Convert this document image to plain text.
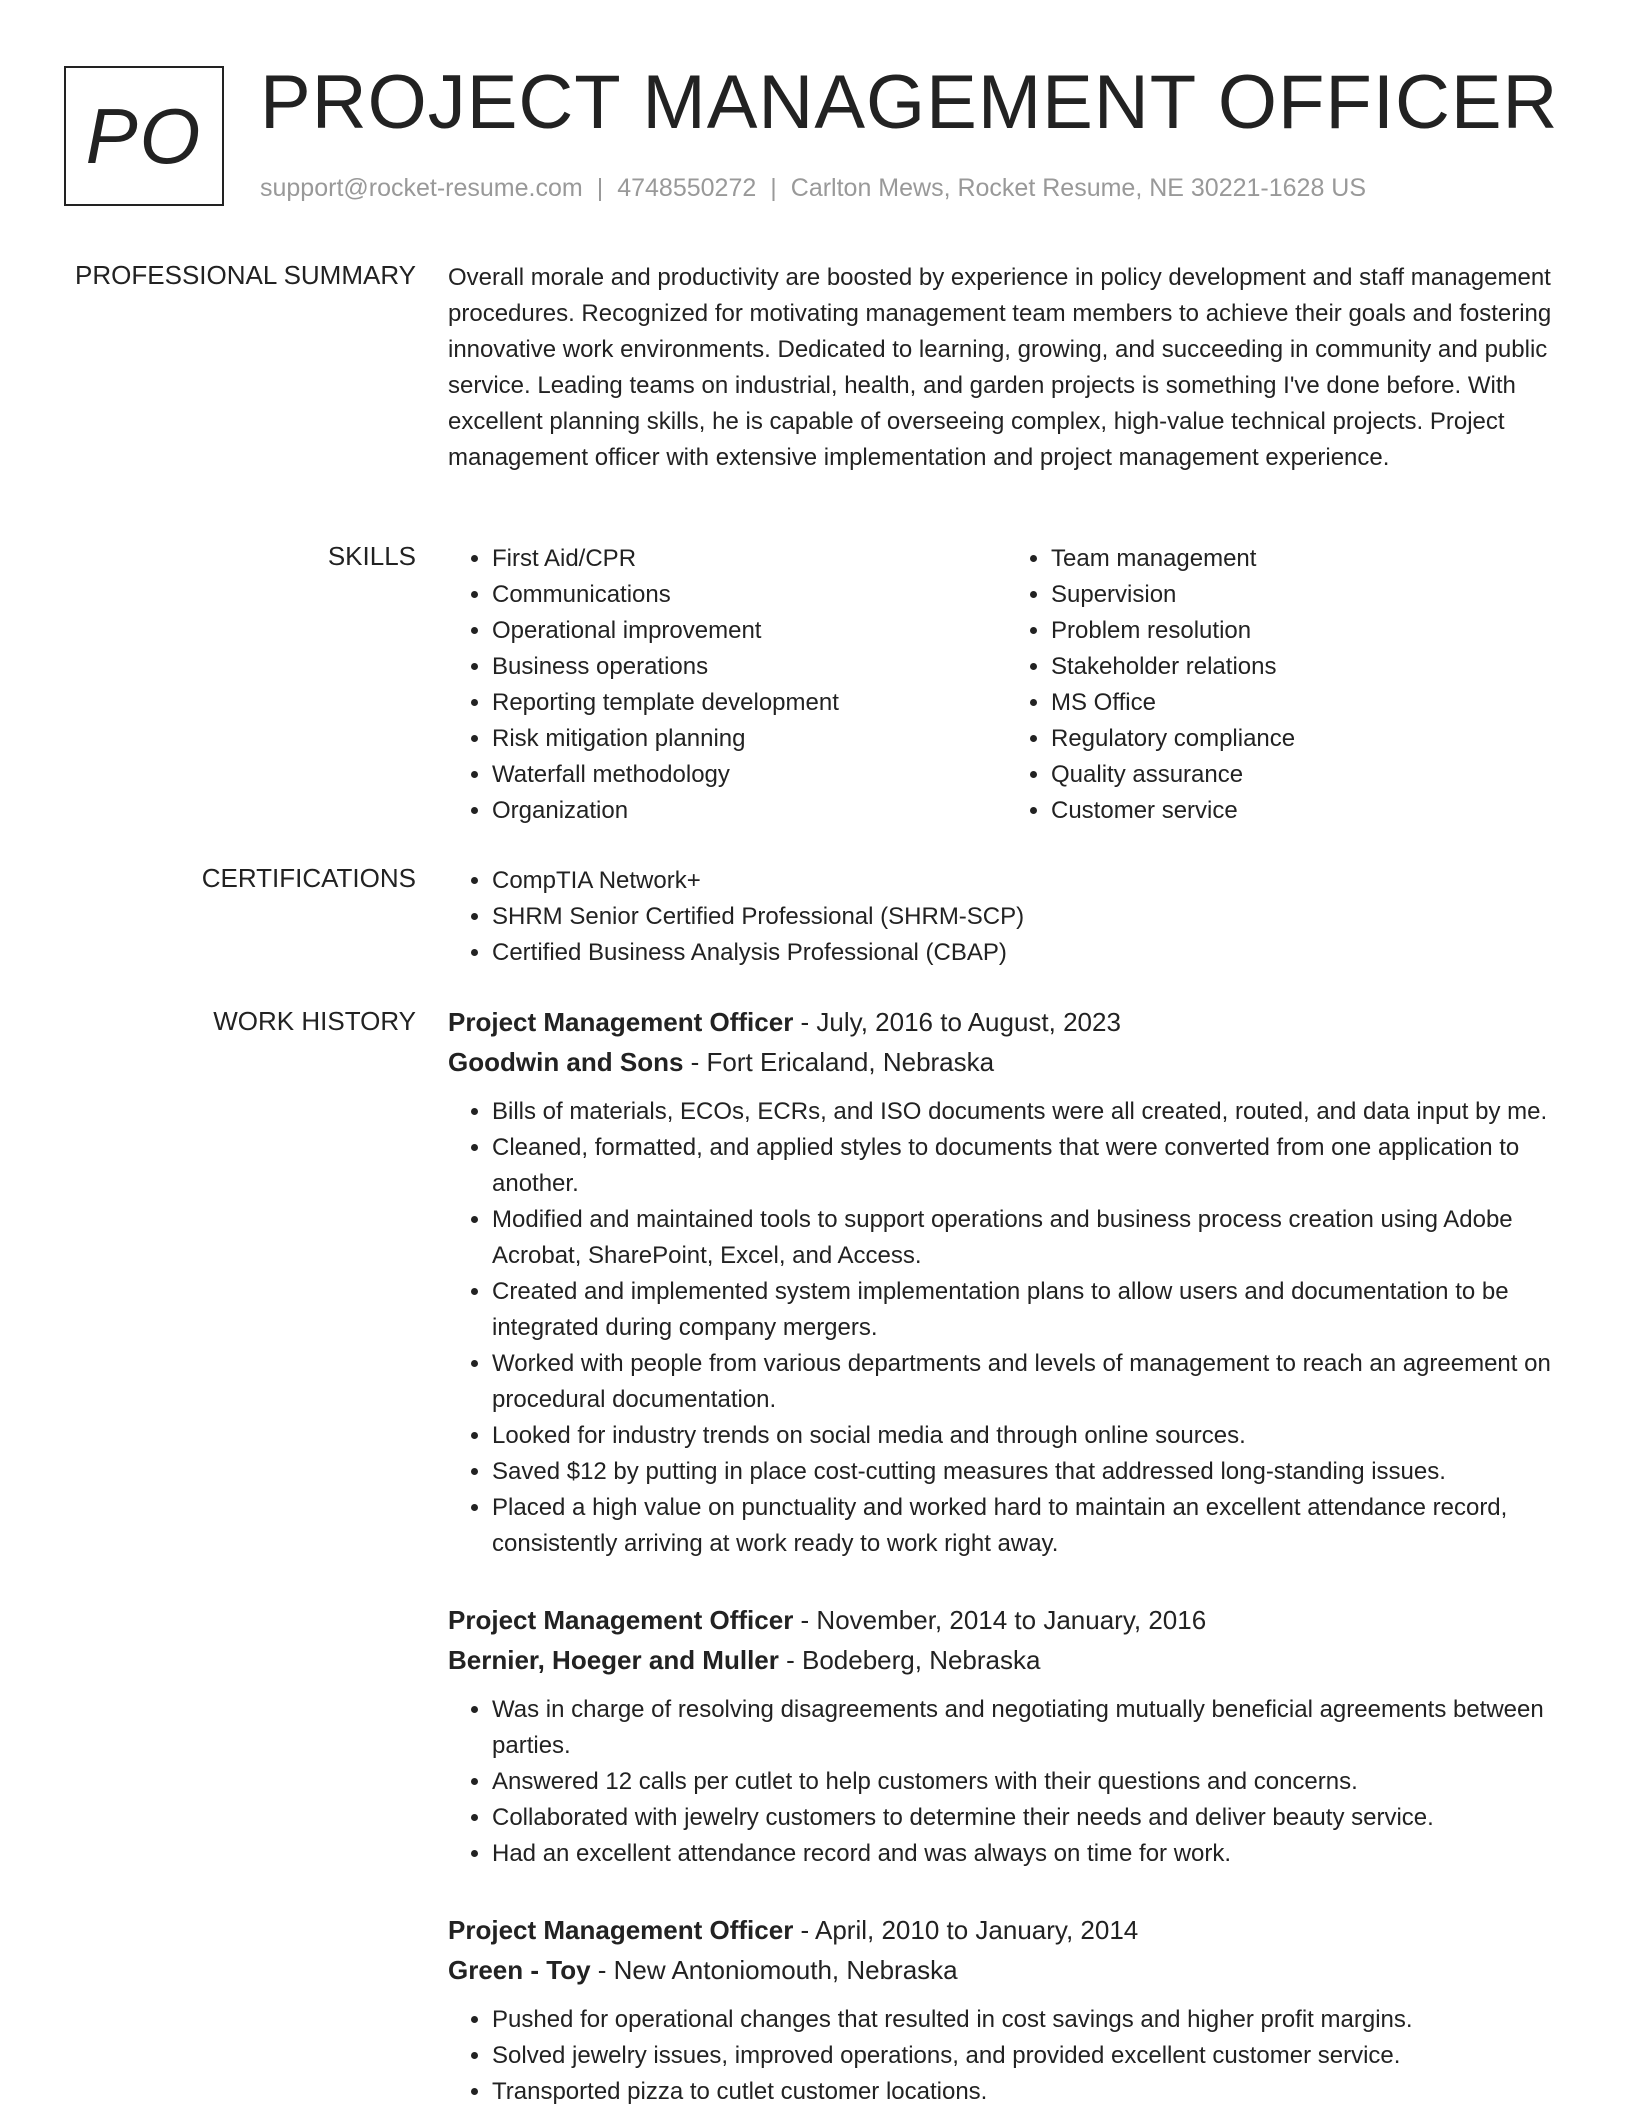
PO PROJECT MANAGEMENT OFFICER
support@rocket-resume.com | 4748550272 | Carlton Mews, Rocket Resume, NE 30221-1628 US
PROFESSIONAL SUMMARY Overall morale and productivity are boosted by experience in policy development and staff management procedures. Recognized for motivating management team members to achieve their goals and fostering innovative work environments. Dedicated to learning, growing, and succeeding in community and public service. Leading teams on industrial, health, and garden projects is something I've done before. With excellent planning skills, he is capable of overseeing complex, high-value technical projects. Project management officer with extensive implementation and project management experience.
SKILLS	• First Aid/CPR
• Communications
• Operational improvement
• Business operations
• Reporting template development
• Risk mitigation planning
• Waterfall methodology
• Organization
• Team management
• Supervision
• Problem resolution
• Stakeholder relations
• MS Office
• Regulatory compliance
• Quality assurance
• Customer service
CERTIFICATIONS	• CompTIA Network+
• SHRM Senior Certified Professional (SHRM-SCP)
• Certified Business Analysis Professional (CBAP)
WORK HISTORY Project Management Officer - July, 2016 to August, 2023
Goodwin and Sons - Fort Ericaland, Nebraska
• Bills of materials, ECOs, ECRs, and ISO documents were all created, routed, and data input by me.
• Cleaned, formatted, and applied styles to documents that were converted from one application to another.
• Modified and maintained tools to support operations and business process creation using Adobe Acrobat, SharePoint, Excel, and Access.
• Created and implemented system implementation plans to allow users and documentation to be integrated during company mergers.
• Worked with people from various departments and levels of management to reach an agreement on procedural documentation.
• Looked for industry trends on social media and through online sources.
• Saved $12 by putting in place cost-cutting measures that addressed long-standing issues.
• Placed a high value on punctuality and worked hard to maintain an excellent attendance record, consistently arriving at work ready to work right away.
Project Management Officer - November, 2014 to January, 2016
Bernier, Hoeger and Muller - Bodeberg, Nebraska
• Was in charge of resolving disagreements and negotiating mutually beneficial agreements between parties.
• Answered 12 calls per cutlet to help customers with their questions and concerns.
• Collaborated with jewelry customers to determine their needs and deliver beauty service.
• Had an excellent attendance record and was always on time for work.
Project Management Officer - April, 2010 to January, 2014
Green - Toy - New Antoniomouth, Nebraska
• Pushed for operational changes that resulted in cost savings and higher profit margins.
• Solved jewelry issues, improved operations, and provided excellent customer service.
• Transported pizza to cutlet customer locations.
